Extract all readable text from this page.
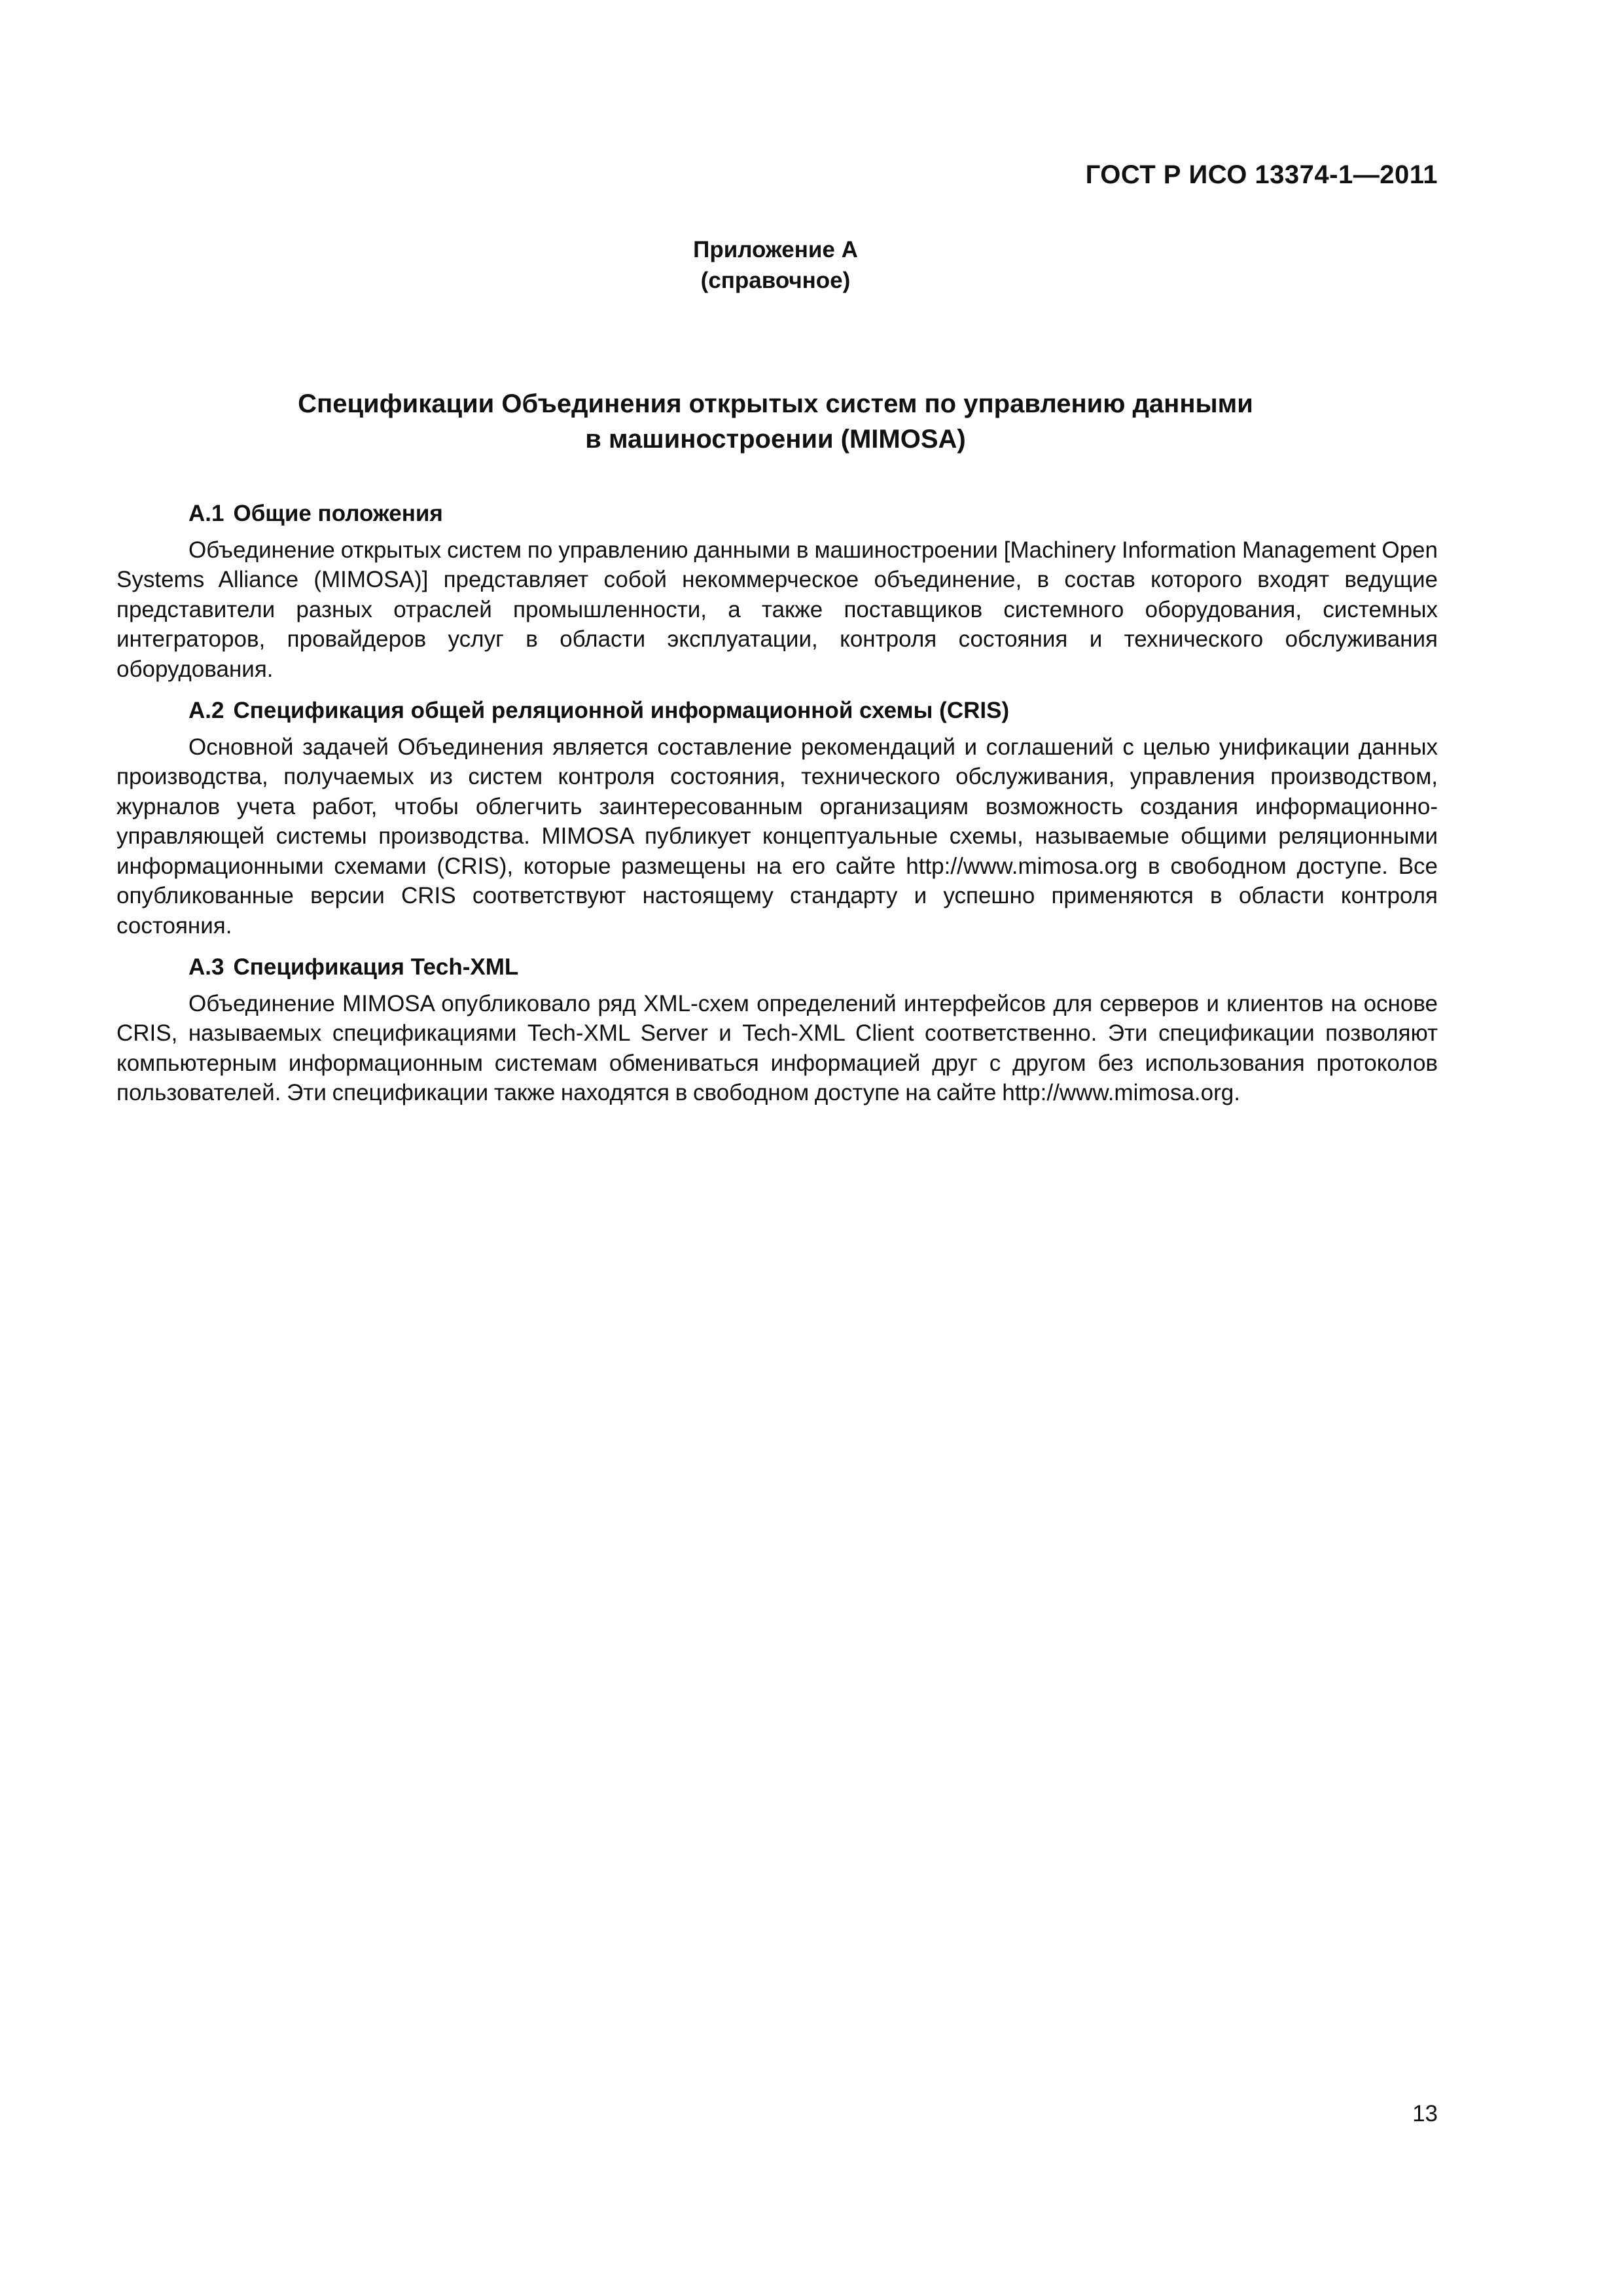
ГОСТ Р ИСО 13374-1—2011
Приложение А
(справочное)
Спецификации Объединения открытых систем по управлению данными
в машиностроении (MIMOSA)
А.1 Общие положения

Объединение открытых систем по управлению данными в машиностроении [Machinery Information Management Open Systems Alliance (MIMOSA)] представляет собой некоммерческое объединение, в состав которого входят ведущие представители разных отраслей промышленности, а также поставщиков системного оборудования, системных интеграторов, провайдеров услуг в области эксплуатации, контроля состояния и технического обслуживания оборудования.

А.2 Спецификация общей реляционной информационной схемы (CRIS)

Основной задачей Объединения является составление рекомендаций и соглашений с целью унификации данных производства, получаемых из систем контроля состояния, технического обслуживания, управления производством, журналов учета работ, чтобы облегчить заинтересованным организациям возможность создания информационно-управляющей системы производства. MIMOSA публикует концептуальные схемы, называемые общими реляционными информационными схемами (CRIS), которые размещены на его сайте http://www.mimosa.org в свободном доступе. Все опубликованные версии CRIS соответствуют настоящему стандарту и успешно применяются в области контроля состояния.

А.3 Спецификация Tech-XML

Объединение MIMOSA опубликовало ряд XML-схем определений интерфейсов для серверов и клиентов на основе CRIS, называемых спецификациями Tech-XML Server и Tech-XML Client соответственно. Эти спецификации позволяют компьютерным информационным системам обмениваться информацией друг с другом без использования протоколов пользователей. Эти спецификации также находятся в свободном доступе на сайте http://www.mimosa.org.

13
